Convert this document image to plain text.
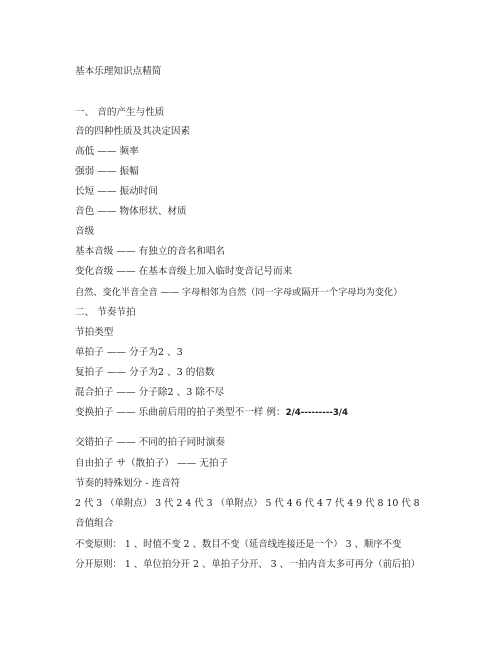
基本乐理知识点精简
一、 音的产生与性质
音的四种性质及其决定因素
高低 —— 频率
强弱 —— 振幅
长短 —— 振动时间
音色 —— 物体形状、材质
音级
基本音级 —— 有独立的音名和唱名
变化音级 —— 在基本音级上加入临时变音记号而来
自然、变化半音全音 —— 字母相邻为自然（同一字母或隔开一个字母均为变化）
二、 节奏节拍
节拍类型
单拍子 —— 分子为2 、3
复拍子 —— 分子为2 、3 的倍数
混合拍子 —— 分子除2 、3 除不尽
变换拍子 —— 乐曲前后用的拍子类型不一样 例：2/4---------3/4
交错拍子 —— 不同的拍子同时演奏
自由拍子 サ（散拍子） —— 无拍子
节奏的特殊划分 - 连音符
2 代 3 （单附点） 3 代 2 4 代 3 （单附点） 5 代 4 6 代 4 7 代 4 9 代 8 10 代 8
音值组合
不变原则： 1 、时值不变 2 、数目不变（延音线连接还是一个） 3 、顺序不变
分开原则： 1 、单位拍分开 2 、单拍子分开、 3 、一拍内音太多可再分（前后拍）
